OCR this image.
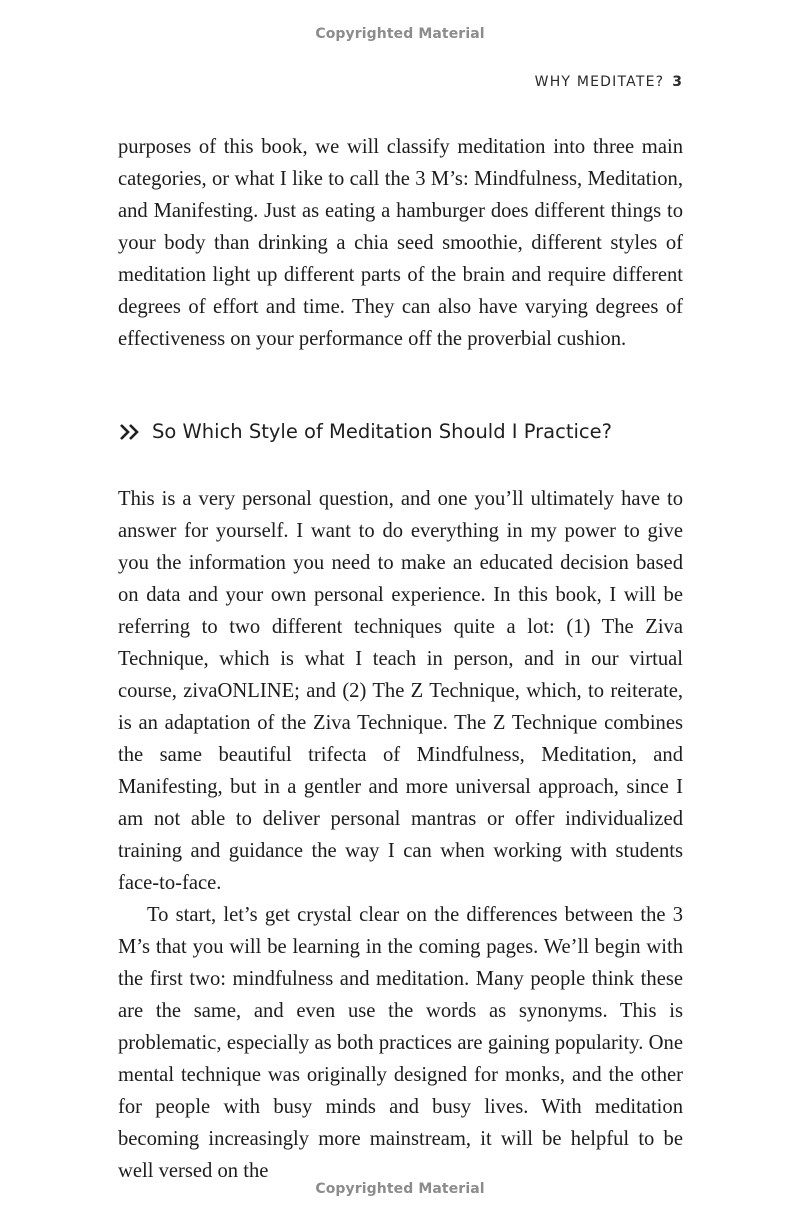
Copyrighted Material
WHY MEDITATE? 3

purposes of this book, we will classify meditation into three main categories, or what I like to call the 3 M’s: Mindfulness, Meditation, and Manifesting. Just as eating a hamburger does different things to your body than drinking a chia seed smoothie, different styles of meditation light up different parts of the brain and require different degrees of effort and time. They can also have varying degrees of effectiveness on your performance off the proverbial cushion.

So Which Style of Meditation Should I Practice?

This is a very personal question, and one you’ll ultimately have to answer for yourself. I want to do everything in my power to give you the information you need to make an educated decision based on data and your own personal experience. In this book, I will be referring to two different techniques quite a lot: (1) The Ziva Technique, which is what I teach in person, and in our virtual course, zivaONLINE; and (2) The Z Technique, which, to reiterate, is an adaptation of the Ziva Technique. The Z Technique combines the same beautiful trifecta of Mindfulness, Meditation, and Manifesting, but in a gentler and more universal approach, since I am not able to deliver personal mantras or offer individualized training and guidance the way I can when working with students face-to-face.

To start, let’s get crystal clear on the differences between the 3 M’s that you will be learning in the coming pages. We’ll begin with the first two: mindfulness and meditation. Many people think these are the same, and even use the words as synonyms. This is problematic, especially as both practices are gaining popularity. One mental technique was originally designed for monks, and the other for people with busy minds and busy lives. With meditation becoming increasingly more mainstream, it will be helpful to be well versed on the

Copyrighted Material
